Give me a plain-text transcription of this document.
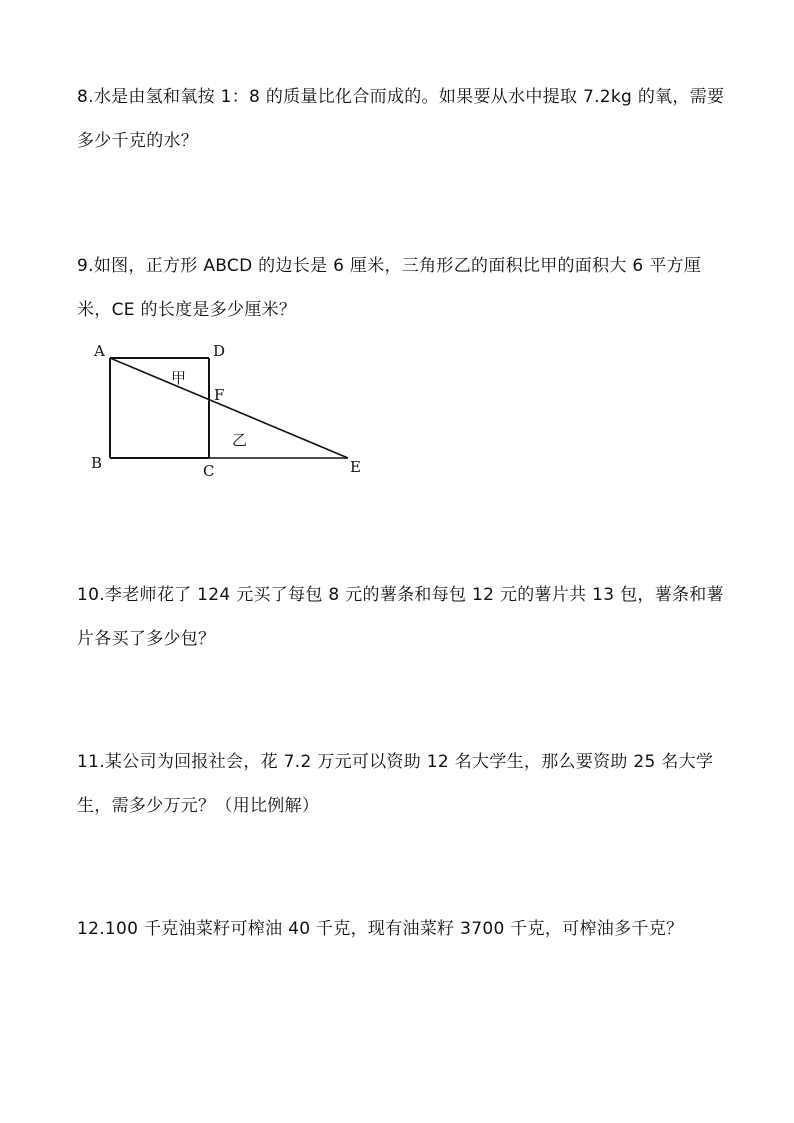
8.水是由氢和氧按 1：8 的质量比化合而成的。如果要从水中提取 7.2kg 的氧，需要多少千克的水？

9.如图，正方形 ABCD 的边长是 6 厘米，三角形乙的面积比甲的面积大 6 平方厘米，CE 的长度是多少厘米？

A	D
F
B	C	E
甲
乙

10.李老师花了 124 元买了每包 8 元的薯条和每包 12 元的薯片共 13 包，薯条和薯片各买了多少包？

11.某公司为回报社会，花 7.2 万元可以资助 12 名大学生，那么要资助 25 名大学生，需多少万元？（用比例解）

12.100 千克油菜籽可榨油 40 千克，现有油菜籽 3700 千克，可榨油多千克？
